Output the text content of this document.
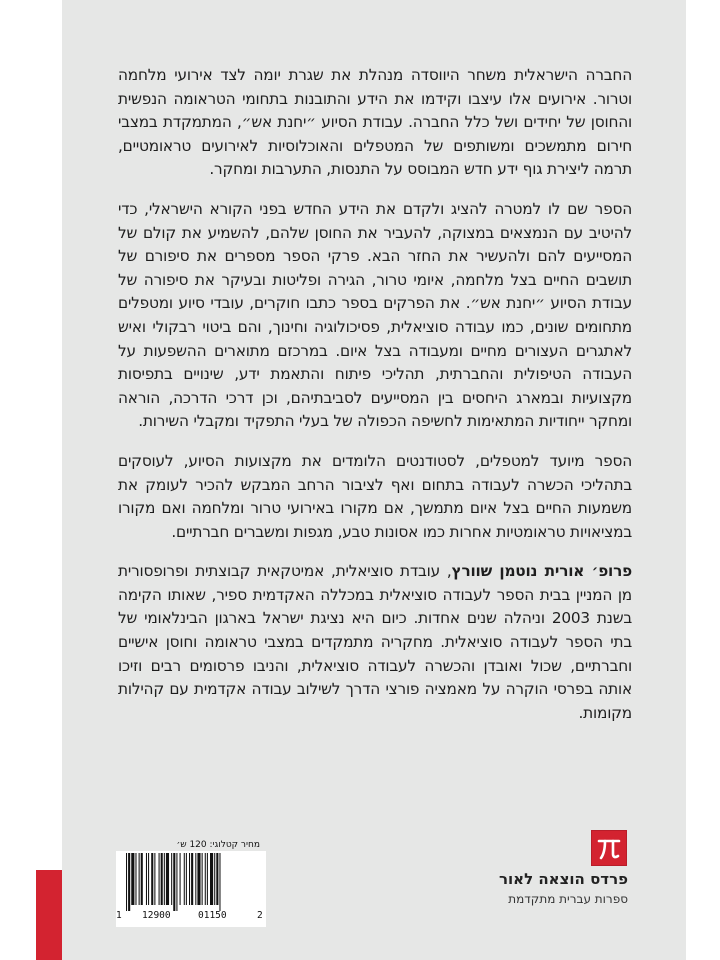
החברה הישראלית משחר היווסדה מנהלת את שגרת יומה לצד אירועי מלחמה וטרור. אירועים אלו עיצבו וקידמו את הידע והתובנות בתחומי הטראומה הנפשית והחוסן של יחידים ושל כלל החברה. עבודת הסיוע ״יחנת אש״, המתמקדת במצבי חירום מתמשכים ומשותפים של המטפלים והאוכלוסיות לאירועים טראומטיים, תרמה ליצירת גוף ידע חדש המבוסס על התנסות, התערבות ומחקר.

הספר שם לו למטרה להציג ולקדם את הידע החדש בפני הקורא הישראלי, כדי להיטיב עם הנמצאים במצוקה, להעביר את החוסן שלהם, להשמיע את קולם של המסייעים להם ולהעשיר את החזר הבא. פרקי הספר מספרים את סיפורם של תושבים החיים בצל מלחמה, איומי טרור, הגירה ופליטות ובעיקר את סיפורה של עבודת הסיוע ״יחנת אש״. את הפרקים בספר כתבו חוקרים, עובדי סיוע ומטפלים מתחומים שונים, כמו עבודה סוציאלית, פסיכולוגיה וחינוך, והם ביטוי רבקולי ואיש לאתגרים העצורים מחיים ומעבודה בצל איום. במרכזם מתוארים ההשפעות על העבודה הטיפולית והחברתית, תהליכי פיתוח והתאמת ידע, שינויים בתפיסות מקצועיות ובמארג היחסים בין המסייעים לסביבתיהם, וכן דרכי הדרכה, הוראה ומחקר ייחודיות המתאימות לחשיפה הכפולה של בעלי התפקיד ומקבלי השירות.

הספר מיועד למטפלים, לסטודנטים הלומדים את מקצועות הסיוע, לעוסקים בתהליכי הכשרה לעבודה בתחום ואף לציבור הרחב המבקש להכיר לעומק את משמעות החיים בצל איום מתמשך, אם מקורו באירועי טרור ומלחמה ואם מקורו במציאויות טראומטיות אחרות כמו אסונות טבע, מגפות ומשברים חברתיים.

פרופ׳ אורית נוטמן שוורץ, עובדת סוציאלית, אמיטקאית קבוצתית ופרופסורית מן המניין בבית הספר לעבודה סוציאלית במכללה האקדמית ספיר, שאותו הקימה בשנת 2003 וניהלה שנים אחדות. כיום היא נציגת ישראל בארגון הבינלאומי של בתי הספר לעבודה סוציאלית. מחקריה מתמקדים במצבי טראומה וחוסן אישיים וחברתיים, שכול ואובדן והכשרה לעבודה סוציאלית, והניבו פרסומים רבים וזיכו אותה בפרסי הוקרה על מאמציה פורצי הדרך לשילוב עבודה אקדמית עם קהילות מקומות.

מחיר קטלוגי: 120 ש׳
1 12900	01150	2
פרדס הוצאה לאור
ספרות עברית מתקדמת
